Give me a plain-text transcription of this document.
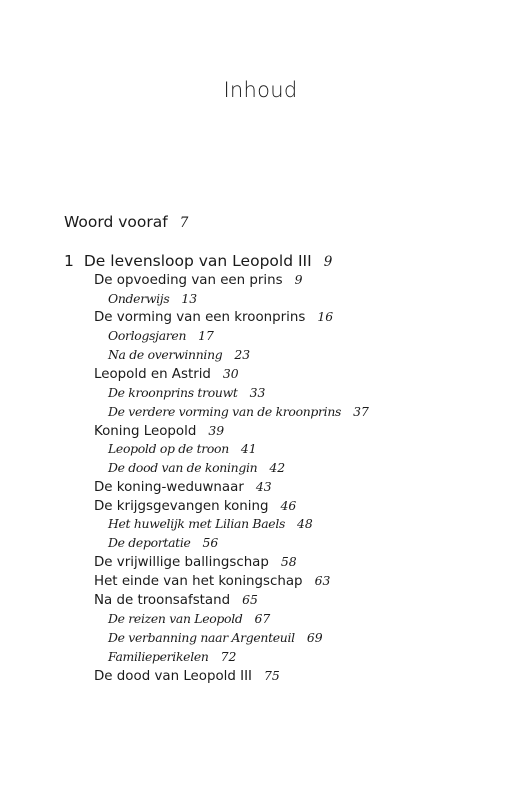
Inhoud
Woord vooraf 7
1 De levensloop van Leopold III 9
De opvoeding van een prins 9
Onderwijs 13
De vorming van een kroonprins 16
Oorlogsjaren 17
Na de overwinning 23
Leopold en Astrid 30
De kroonprins trouwt 33
De verdere vorming van de kroonprins 37
Koning Leopold 39
Leopold op de troon 41
De dood van de koningin 42
De koning-weduwnaar 43
De krijgsgevangen koning 46
Het huwelijk met Lilian Baels 48
De deportatie 56
De vrijwillige ballingschap 58
Het einde van het koningschap 63
Na de troonsafstand 65
De reizen van Leopold 67
De verbanning naar Argenteuil 69
Familieperikelen 72
De dood van Leopold III 75
